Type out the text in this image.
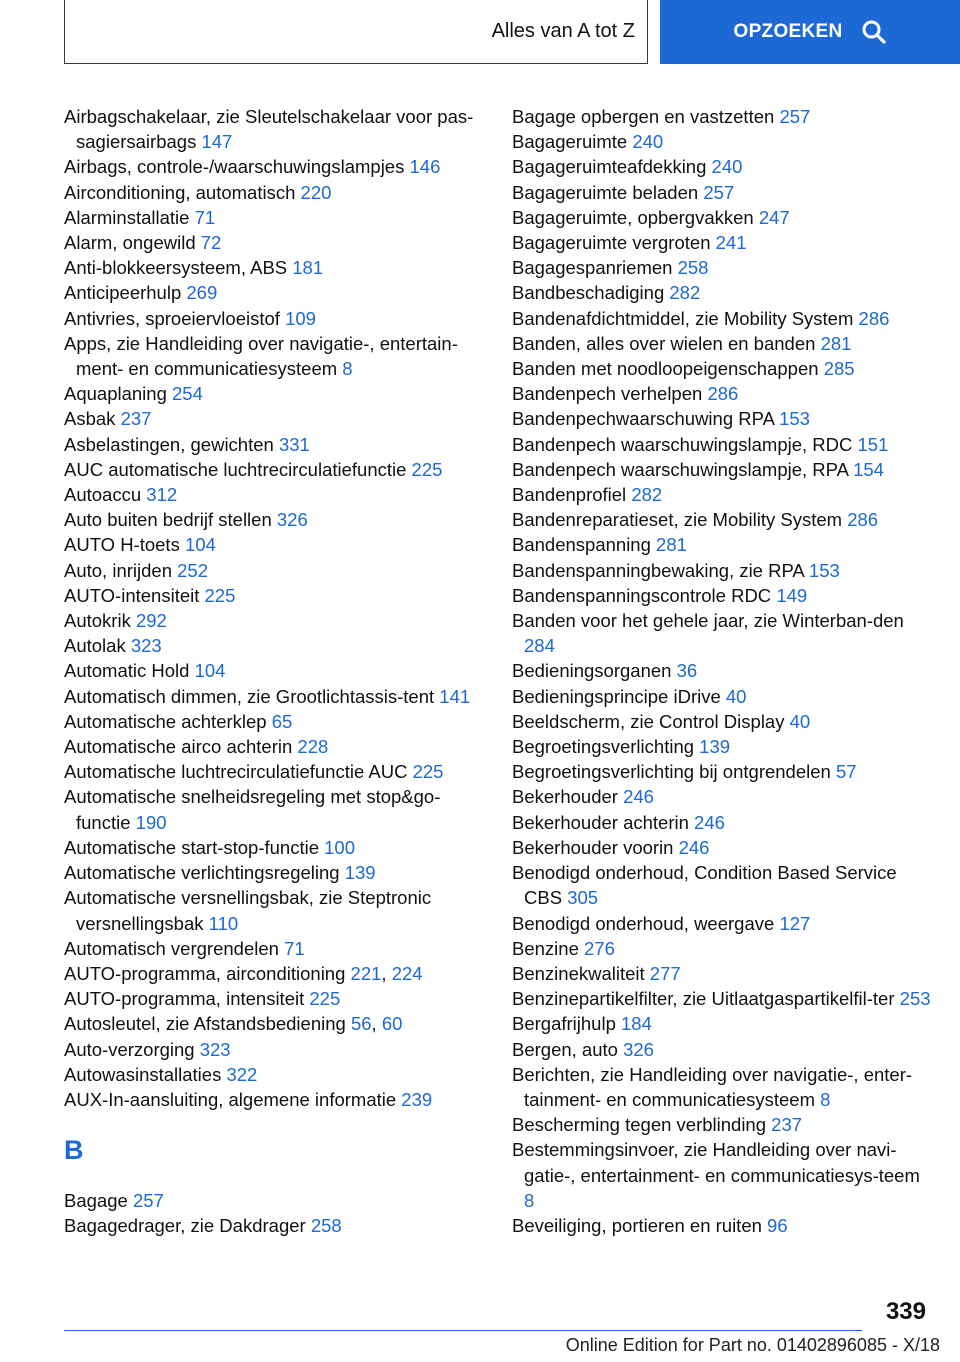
Alles van A tot Z	OPZOEKEN
Airbagschakelaar, zie Sleutelschakelaar voor pas-sagiersairbags 147
Airbags, controle-/waarschuwingslampjes 146
Airconditioning, automatisch 220
Alarminstallatie 71
Alarm, ongewild 72
Anti-blokkeersysteem, ABS 181
Anticipeerhulp 269
Antivries, sproeiervloeistof 109
Apps, zie Handleiding over navigatie-, entertain-ment- en communicatiesysteem 8
Aquaplaning 254
Asbak 237
Asbelastingen, gewichten 331
AUC automatische luchtrecirculatiefunctie 225
Autoaccu 312
Auto buiten bedrijf stellen 326
AUTO H-toets 104
Auto, inrijden 252
AUTO-intensiteit 225
Autokrik 292
Autolak 323
Automatic Hold 104
Automatisch dimmen, zie Grootlichtassis-tent 141
Automatische achterklep 65
Automatische airco achterin 228
Automatische luchtrecirculatiefunctie AUC 225
Automatische snelheidsregeling met stop&go-functie 190
Automatische start-stop-functie 100
Automatische verlichtingsregeling 139
Automatische versnellingsbak, zie Steptronic versnellingsbak 110
Automatisch vergrendelen 71
AUTO-programma, airconditioning 221, 224
AUTO-programma, intensiteit 225
Autosleutel, zie Afstandsbediening 56, 60
Auto-verzorging 323
Autowasinstallaties 322
AUX-In-aansluiting, algemene informatie 239
B
Bagage 257
Bagagedrager, zie Dakdrager 258
Bagage opbergen en vastzetten 257
Bagageruimte 240
Bagageruimteafdekking 240
Bagageruimte beladen 257
Bagageruimte, opbergvakken 247
Bagageruimte vergroten 241
Bagagespanriemen 258
Bandbeschadiging 282
Bandenafdichtmiddel, zie Mobility System 286
Banden, alles over wielen en banden 281
Banden met noodloopeigenschappen 285
Bandenpech verhelpen 286
Bandenpechwaarschuwing RPA 153
Bandenpech waarschuwingslampje, RDC 151
Bandenpech waarschuwingslampje, RPA 154
Bandenprofiel 282
Bandenreparatieset, zie Mobility System 286
Bandenspanning 281
Bandenspanningbewaking, zie RPA 153
Bandenspanningscontrole RDC 149
Banden voor het gehele jaar, zie Winterban-den 284
Bedieningsorganen 36
Bedieningsprincipe iDrive 40
Beeldscherm, zie Control Display 40
Begroetingsverlichting 139
Begroetingsverlichting bij ontgrendelen 57
Bekerhouder 246
Bekerhouder achterin 246
Bekerhouder voorin 246
Benodigd onderhoud, Condition Based Service CBS 305
Benodigd onderhoud, weergave 127
Benzine 276
Benzinekwaliteit 277
Benzinepartikelfilter, zie Uitlaatgaspartikelfil-ter 253
Bergafrijhulp 184
Bergen, auto 326
Berichten, zie Handleiding over navigatie-, enter-tainment- en communicatiesysteem 8
Bescherming tegen verblinding 237
Bestemmingsinvoer, zie Handleiding over navi-gatie-, entertainment- en communicatiesys-teem 8
Beveiliging, portieren en ruiten 96
339
Online Edition for Part no. 01402896085 - X/18
